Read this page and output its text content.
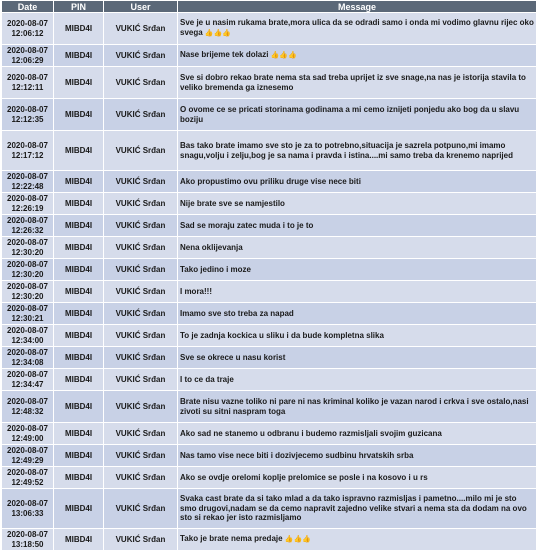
Date	PIN	User	Message

2020-08-07
12:06:12	MIBD4I	VUKIĆ Srđan	Sve je u nasim rukama brate,mora ulica da se odradi samo i onda mi vodimo glavnu rijec oko svega 👍👍👍

2020-08-07
12:06:29	MIBD4I	VUKIĆ Srđan	Nase brijeme tek dolazi 👍👍👍

2020-08-07
12:12:11	MIBD4I	VUKIĆ Srđan	Sve si dobro rekao brate nema sta sad treba uprijet iz sve snage,na nas je istorija stavila to veliko bremenda ga iznesemo

2020-08-07
12:12:35	MIBD4I	VUKIĆ Srđan	O ovome ce se pricati storinama godinama a mi cemo iznijeti ponjedu ako bog da u slavu boziju

2020-08-07
12:17:12	MIBD4I	VUKIĆ Srđan	Bas tako brate imamo sve sto je za to potrebno,situacija je sazrela potpuno,mi imamo snagu,volju i zelju,bog je sa nama i pravda i istina....mi samo treba da krenemo naprijed

2020-08-07
12:22:48	MIBD4I	VUKIĆ Srđan	Ako propustimo ovu priliku druge vise nece biti

2020-08-07
12:26:19	MIBD4I	VUKIĆ Srđan	Nije brate sve se namjestilo

2020-08-07
12:26:32	MIBD4I	VUKIĆ Srđan	Sad se moraju zatec muda i to je to

2020-08-07
12:30:20	MIBD4I	VUKIĆ Srđan	Nena oklijevanja

2020-08-07
12:30:20	MIBD4I	VUKIĆ Srđan	Tako jedino i moze

2020-08-07
12:30:20	MIBD4I	VUKIĆ Srđan	I mora!!!

2020-08-07
12:30:21	MIBD4I	VUKIĆ Srđan	Imamo sve sto treba za napad

2020-08-07
12:34:00	MIBD4I	VUKIĆ Srđan	To je zadnja kockica u sliku i da bude kompletna slika

2020-08-07
12:34:08	MIBD4I	VUKIĆ Srđan	Sve se okrece u nasu korist

2020-08-07
12:34:47	MIBD4I	VUKIĆ Srđan	I to ce da traje

2020-08-07
12:48:32	MIBD4I	VUKIĆ Srđan	Brate nisu vazne toliko ni pare ni nas kriminal koliko je vazan narod i crkva i sve ostalo,nasi zivoti su sitni naspram toga

2020-08-07
12:49:00	MIBD4I	VUKIĆ Srđan	Ako sad ne stanemo u odbranu i budemo razmisljali svojim guzicana

2020-08-07
12:49:29	MIBD4I	VUKIĆ Srđan	Nas tamo vise nece biti i dozivjecemo sudbinu hrvatskih srba

2020-08-07
12:49:52	MIBD4I	VUKIĆ Srđan	Ako se ovdje orelomi koplje prelomice se posle i na kosovo i u rs

2020-08-07
13:06:33	MIBD4I	VUKIĆ Srđan	Svaka cast brate da si tako mlad a da tako ispravno razmisljas i pametno....milo mi je sto smo drugovi,nadam se da cemo napravit zajedno velike stvari a nema sta da dodam na ovo sto si rekao jer isto razmisljamo

2020-08-07
13:18:50	MIBD4I	VUKIĆ Srđan	Tako je brate nema predaje 👍👍👍
